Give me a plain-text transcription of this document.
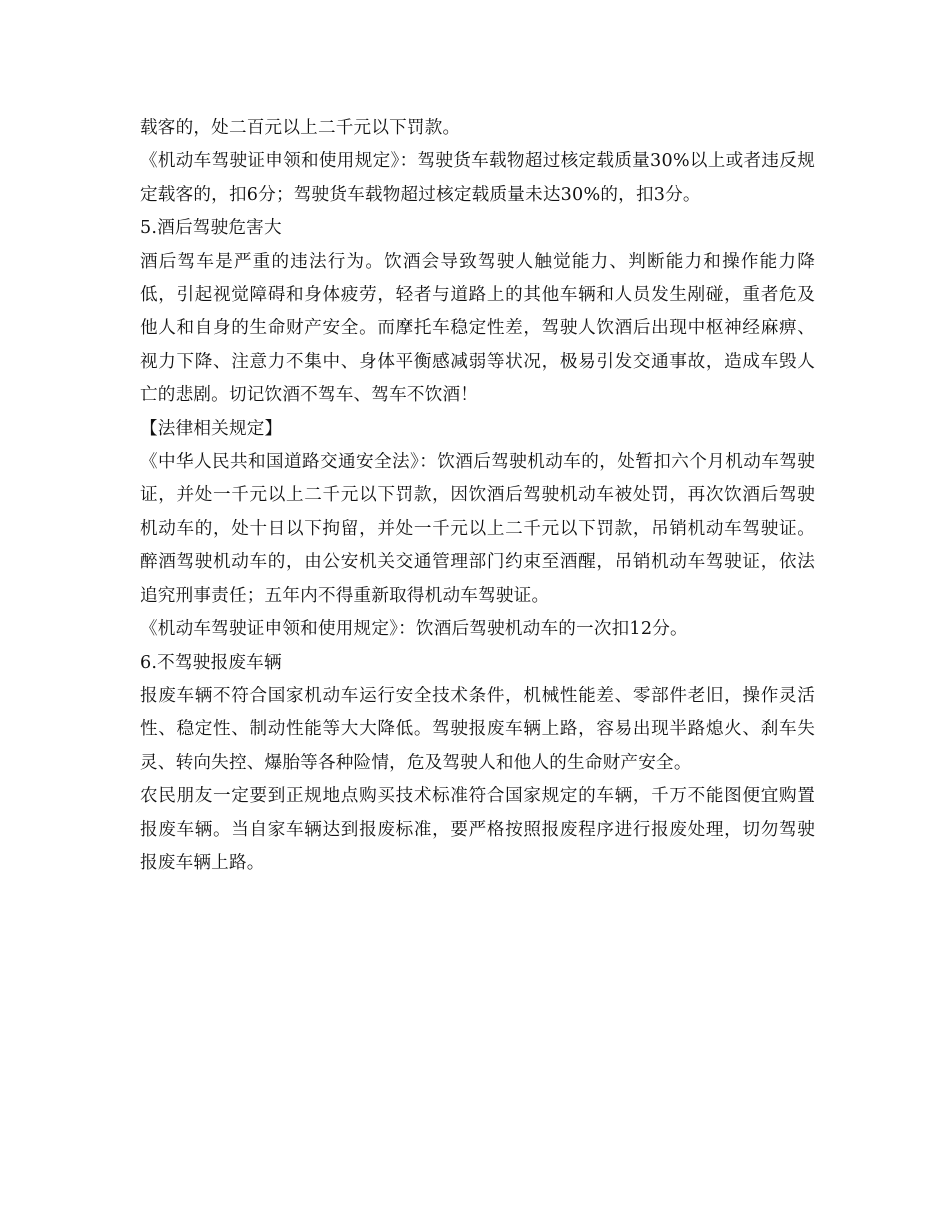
载客的，处二百元以上二千元以下罚款。

《机动车驾驶证申领和使用规定》：驾驶货车载物超过核定载质量30%以上或者违反规定载客的，扣6分；驾驶货车载物超过核定载质量未达30%的，扣3分。

5.酒后驾驶危害大

酒后驾车是严重的违法行为。饮酒会导致驾驶人触觉能力、判断能力和操作能力降低，引起视觉障碍和身体疲劳，轻者与道路上的其他车辆和人员发生剐碰，重者危及他人和自身的生命财产安全。而摩托车稳定性差，驾驶人饮酒后出现中枢神经麻痹、视力下降、注意力不集中、身体平衡感减弱等状况，极易引发交通事故，造成车毁人亡的悲剧。切记饮酒不驾车、驾车不饮酒！

【法律相关规定】

《中华人民共和国道路交通安全法》：饮酒后驾驶机动车的，处暂扣六个月机动车驾驶证，并处一千元以上二千元以下罚款，因饮酒后驾驶机动车被处罚，再次饮酒后驾驶机动车的，处十日以下拘留，并处一千元以上二千元以下罚款，吊销机动车驾驶证。醉酒驾驶机动车的，由公安机关交通管理部门约束至酒醒，吊销机动车驾驶证，依法追究刑事责任；五年内不得重新取得机动车驾驶证。

《机动车驾驶证申领和使用规定》：饮酒后驾驶机动车的一次扣12分。

6.不驾驶报废车辆

报废车辆不符合国家机动车运行安全技术条件，机械性能差、零部件老旧，操作灵活性、稳定性、制动性能等大大降低。驾驶报废车辆上路，容易出现半路熄火、刹车失灵、转向失控、爆胎等各种险情，危及驾驶人和他人的生命财产安全。

农民朋友一定要到正规地点购买技术标准符合国家规定的车辆，千万不能图便宜购置报废车辆。当自家车辆达到报废标准，要严格按照报废程序进行报废处理，切勿驾驶报废车辆上路。
